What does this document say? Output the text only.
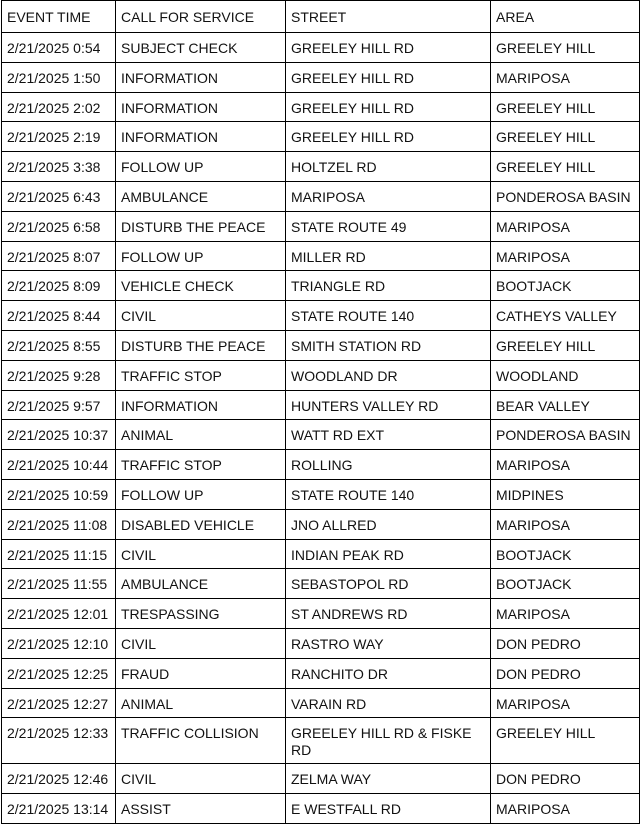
EVENT TIME	CALL FOR SERVICE	STREET	AREA
2/21/2025 0:54	SUBJECT CHECK	GREELEY HILL RD	GREELEY HILL
2/21/2025 1:50	INFORMATION	GREELEY HILL RD	MARIPOSA
2/21/2025 2:02	INFORMATION	GREELEY HILL RD	GREELEY HILL
2/21/2025 2:19	INFORMATION	GREELEY HILL RD	GREELEY HILL
2/21/2025 3:38	FOLLOW UP	HOLTZEL RD	GREELEY HILL
2/21/2025 6:43	AMBULANCE	MARIPOSA	PONDEROSA BASIN
2/21/2025 6:58	DISTURB THE PEACE	STATE ROUTE 49	MARIPOSA
2/21/2025 8:07	FOLLOW UP	MILLER RD	MARIPOSA
2/21/2025 8:09	VEHICLE CHECK	TRIANGLE RD	BOOTJACK
2/21/2025 8:44	CIVIL	STATE ROUTE 140	CATHEYS VALLEY
2/21/2025 8:55	DISTURB THE PEACE	SMITH STATION RD	GREELEY HILL
2/21/2025 9:28	TRAFFIC STOP	WOODLAND DR	WOODLAND
2/21/2025 9:57	INFORMATION	HUNTERS VALLEY RD	BEAR VALLEY
2/21/2025 10:37	ANIMAL	WATT RD EXT	PONDEROSA BASIN
2/21/2025 10:44	TRAFFIC STOP	ROLLING	MARIPOSA
2/21/2025 10:59	FOLLOW UP	STATE ROUTE 140	MIDPINES
2/21/2025 11:08	DISABLED VEHICLE	JNO ALLRED	MARIPOSA
2/21/2025 11:15	CIVIL	INDIAN PEAK RD	BOOTJACK
2/21/2025 11:55	AMBULANCE	SEBASTOPOL RD	BOOTJACK
2/21/2025 12:01	TRESPASSING	ST ANDREWS RD	MARIPOSA
2/21/2025 12:10	CIVIL	RASTRO WAY	DON PEDRO
2/21/2025 12:25	FRAUD	RANCHITO DR	DON PEDRO
2/21/2025 12:27	ANIMAL	VARAIN RD	MARIPOSA
2/21/2025 12:33	TRAFFIC COLLISION	GREELEY HILL RD & FISKE RD	GREELEY HILL
2/21/2025 12:46	CIVIL	ZELMA WAY	DON PEDRO
2/21/2025 13:14	ASSIST	E WESTFALL RD	MARIPOSA
